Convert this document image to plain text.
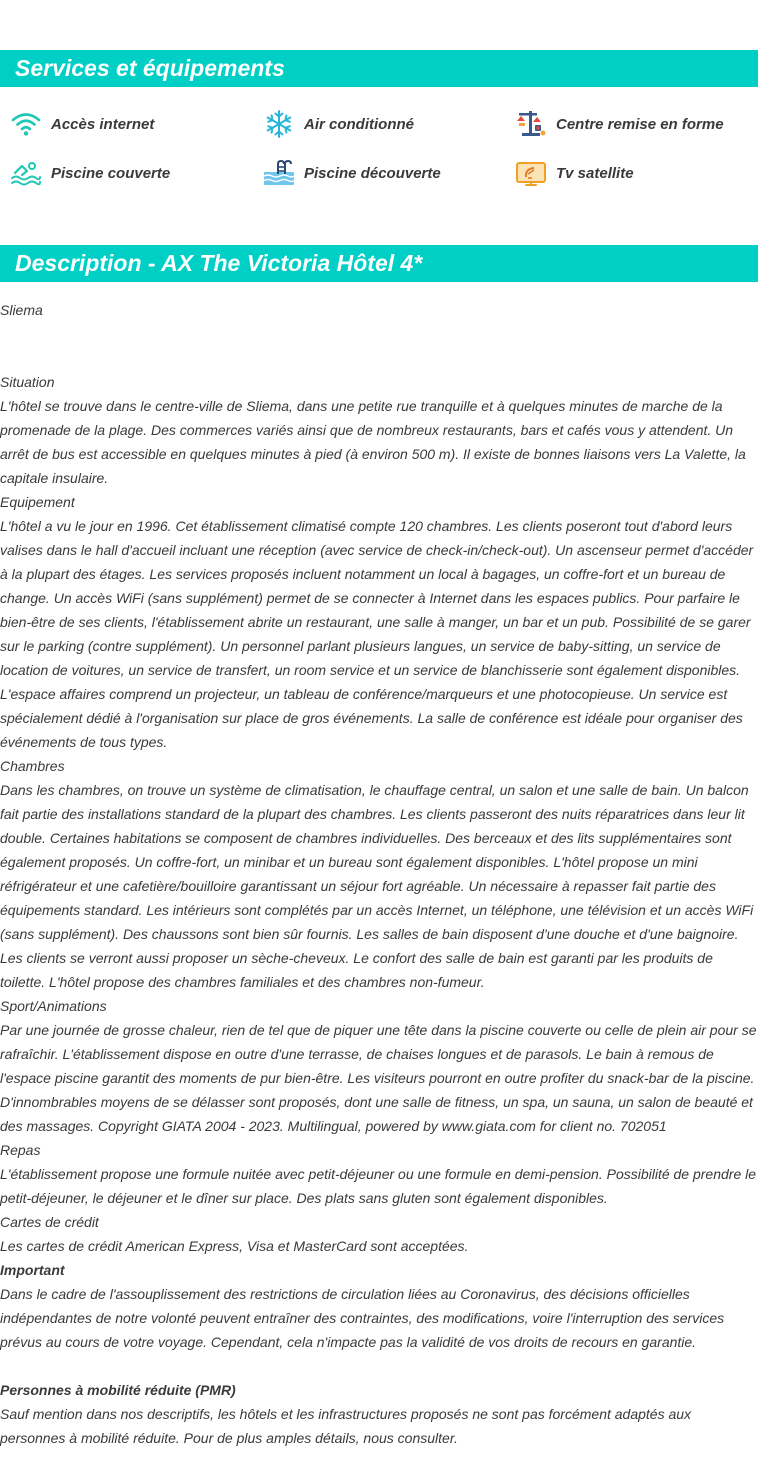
Services et équipements
Accès internet	Air conditionné	Centre remise en forme
Piscine couverte	Piscine découverte	Tv satellite
Description - AX The Victoria Hôtel 4*

Sliema

Situation

L'hôtel se trouve dans le centre-ville de Sliema, dans une petite rue tranquille et à quelques minutes de marche de la promenade de la plage. Des commerces variés ainsi que de nombreux restaurants, bars et cafés vous y attendent. Un arrêt de bus est accessible en quelques minutes à pied (à environ 500 m). Il existe de bonnes liaisons vers La Valette, la capitale insulaire.

Equipement

L'hôtel a vu le jour en 1996. Cet établissement climatisé compte 120 chambres. Les clients poseront tout d'abord leurs valises dans le hall d'accueil incluant une réception (avec service de check-in/check-out). Un ascenseur permet d'accéder à la plupart des étages. Les services proposés incluent notamment un local à bagages, un coffre-fort et un bureau de change. Un accès WiFi (sans supplément) permet de se connecter à Internet dans les espaces publics. Pour parfaire le bien-être de ses clients, l'établissement abrite un restaurant, une salle à manger, un bar et un pub. Possibilité de se garer sur le parking (contre supplément). Un personnel parlant plusieurs langues, un service de baby-sitting, un service de location de voitures, un service de transfert, un room service et un service de blanchisserie sont également disponibles. L'espace affaires comprend un projecteur, un tableau de conférence/marqueurs et une photocopieuse. Un service est spécialement dédié à l'organisation sur place de gros événements. La salle de conférence est idéale pour organiser des événements de tous types.

Chambres

Dans les chambres, on trouve un système de climatisation, le chauffage central, un salon et une salle de bain. Un balcon fait partie des installations standard de la plupart des chambres. Les clients passeront des nuits réparatrices dans leur lit double. Certaines habitations se composent de chambres individuelles. Des berceaux et des lits supplémentaires sont également proposés. Un coffre-fort, un minibar et un bureau sont également disponibles. L'hôtel propose un mini réfrigérateur et une cafetière/bouilloire garantissant un séjour fort agréable. Un nécessaire à repasser fait partie des équipements standard. Les intérieurs sont complétés par un accès Internet, un téléphone, une télévision et un accès WiFi (sans supplément). Des chaussons sont bien sûr fournis. Les salles de bain disposent d'une douche et d'une baignoire. Les clients se verront aussi proposer un sèche-cheveux. Le confort des salle de bain est garanti par les produits de toilette. L'hôtel propose des chambres familiales et des chambres non-fumeur.

Sport/Animations

Par une journée de grosse chaleur, rien de tel que de piquer une tête dans la piscine couverte ou celle de plein air pour se rafraîchir. L'établissement dispose en outre d'une terrasse, de chaises longues et de parasols. Le bain à remous de l'espace piscine garantit des moments de pur bien-être. Les visiteurs pourront en outre profiter du snack-bar de la piscine. D'innombrables moyens de se délasser sont proposés, dont une salle de fitness, un spa, un sauna, un salon de beauté et des massages. Copyright GIATA 2004 - 2023. Multilingual, powered by www.giata.com for client no. 702051

Repas

L'établissement propose une formule nuitée avec petit-déjeuner ou une formule en demi-pension. Possibilité de prendre le petit-déjeuner, le déjeuner et le dîner sur place. Des plats sans gluten sont également disponibles.

Cartes de crédit

Les cartes de crédit American Express, Visa et MasterCard sont acceptées.

Important

Dans le cadre de l'assouplissement des restrictions de circulation liées au Coronavirus, des décisions officielles indépendantes de notre volonté peuvent entraîner des contraintes, des modifications, voire l'interruption des services prévus au cours de votre voyage. Cependant, cela n'impacte pas la validité de vos droits de recours en garantie.

Personnes à mobilité réduite (PMR)

Sauf mention dans nos descriptifs, les hôtels et les infrastructures proposés ne sont pas forcément adaptés aux personnes à mobilité réduite. Pour de plus amples détails, nous consulter.
